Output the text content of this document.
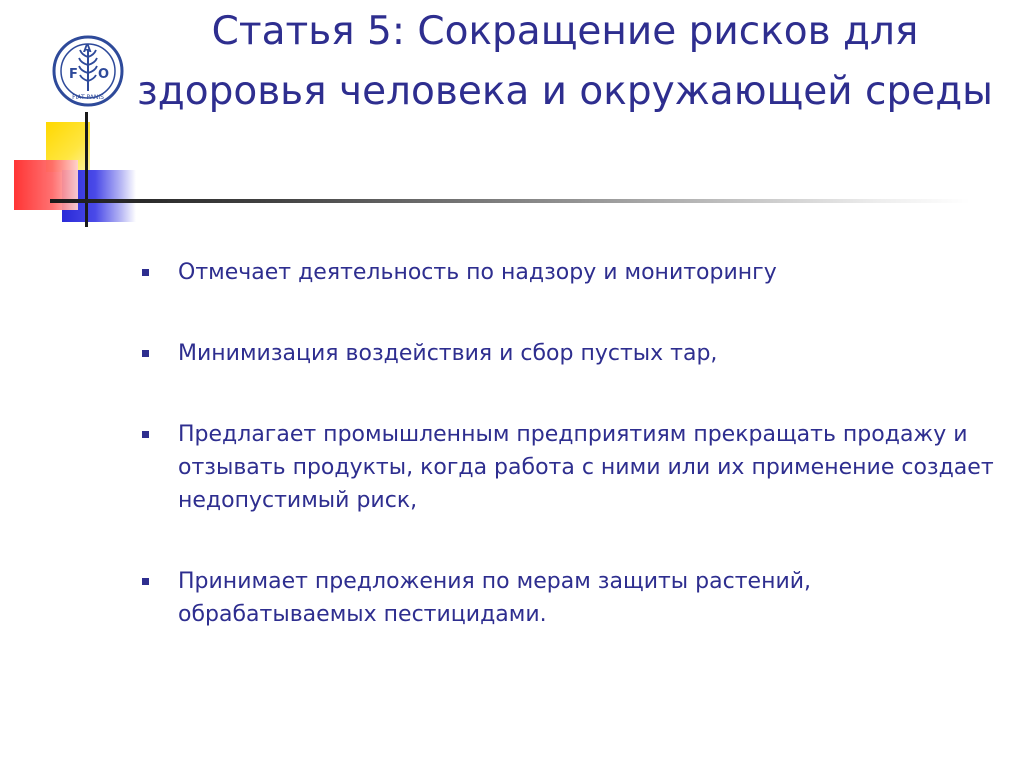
F
A
O
FIAT PANIS
Статья 5: Сокращение рисков для здоровья человека и окружающей среды
Отмечает деятельность по надзору и мониторингу
Минимизация воздействия и сбор пустых тар,
Предлагает промышленным предприятиям прекращать продажу и отзывать продукты, когда работа с ними или их применение создает недопустимый риск,
Принимает предложения по мерам защиты растений, обрабатываемых пестицидами.
